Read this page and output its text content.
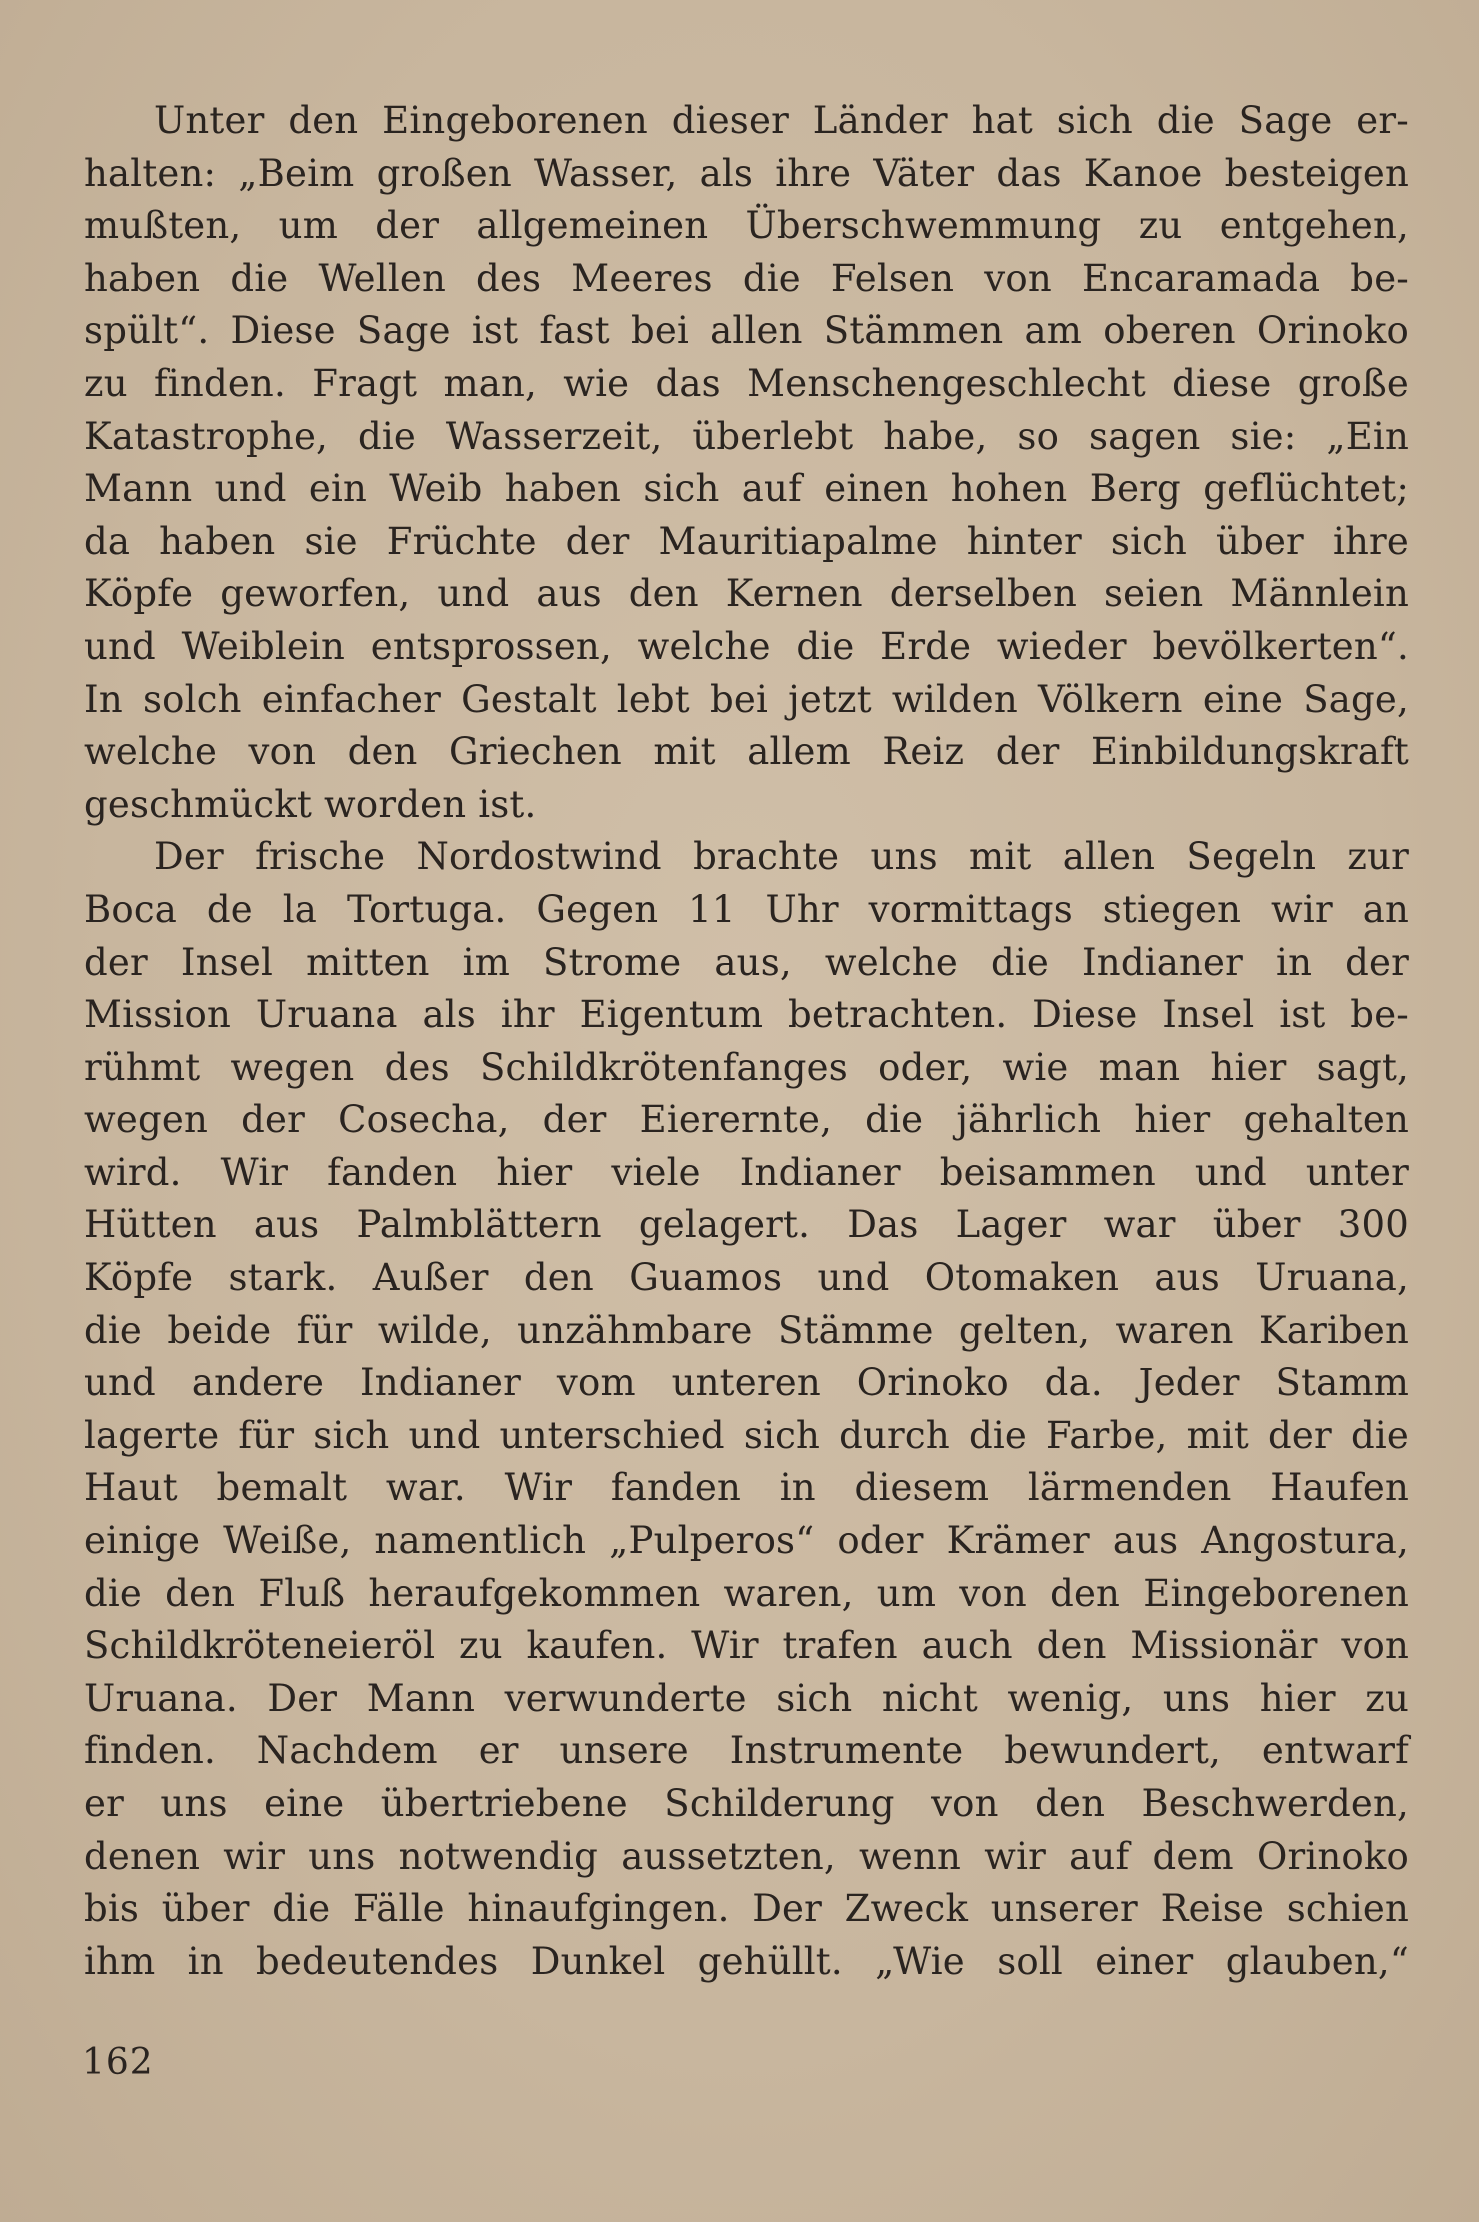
Unter den Eingeborenen dieser Länder hat sich die Sage er-
halten: „Beim großen Wasser, als ihre Väter das Kanoe besteigen
mußten, um der allgemeinen Überschwemmung zu entgehen,
haben die Wellen des Meeres die Felsen von Encaramada be-
spült“. Diese Sage ist fast bei allen Stämmen am oberen Orinoko
zu finden. Fragt man, wie das Menschengeschlecht diese große
Katastrophe, die Wasserzeit, überlebt habe, so sagen sie: „Ein
Mann und ein Weib haben sich auf einen hohen Berg geflüchtet;
da haben sie Früchte der Mauritiapalme hinter sich über ihre
Köpfe geworfen, und aus den Kernen derselben seien Männlein
und Weiblein entsprossen, welche die Erde wieder bevölkerten“.
In solch einfacher Gestalt lebt bei jetzt wilden Völkern eine Sage,
welche von den Griechen mit allem Reiz der Einbildungskraft
geschmückt worden ist.
Der frische Nordostwind brachte uns mit allen Segeln zur
Boca de la Tortuga. Gegen 11 Uhr vormittags stiegen wir an
der Insel mitten im Strome aus, welche die Indianer in der
Mission Uruana als ihr Eigentum betrachten. Diese Insel ist be-
rühmt wegen des Schildkrötenfanges oder, wie man hier sagt,
wegen der Cosecha, der Eierernte, die jährlich hier gehalten
wird. Wir fanden hier viele Indianer beisammen und unter
Hütten aus Palmblättern gelagert. Das Lager war über 300
Köpfe stark. Außer den Guamos und Otomaken aus Uruana,
die beide für wilde, unzähmbare Stämme gelten, waren Kariben
und andere Indianer vom unteren Orinoko da. Jeder Stamm
lagerte für sich und unterschied sich durch die Farbe, mit der die
Haut bemalt war. Wir fanden in diesem lärmenden Haufen
einige Weiße, namentlich „Pulperos“ oder Krämer aus Angostura,
die den Fluß heraufgekommen waren, um von den Eingeborenen
Schildkröteneieröl zu kaufen. Wir trafen auch den Missionär von
Uruana. Der Mann verwunderte sich nicht wenig, uns hier zu
finden. Nachdem er unsere Instrumente bewundert, entwarf
er uns eine übertriebene Schilderung von den Beschwerden,
denen wir uns notwendig aussetzten, wenn wir auf dem Orinoko
bis über die Fälle hinaufgingen. Der Zweck unserer Reise schien
ihm in bedeutendes Dunkel gehüllt. „Wie soll einer glauben,“
162
